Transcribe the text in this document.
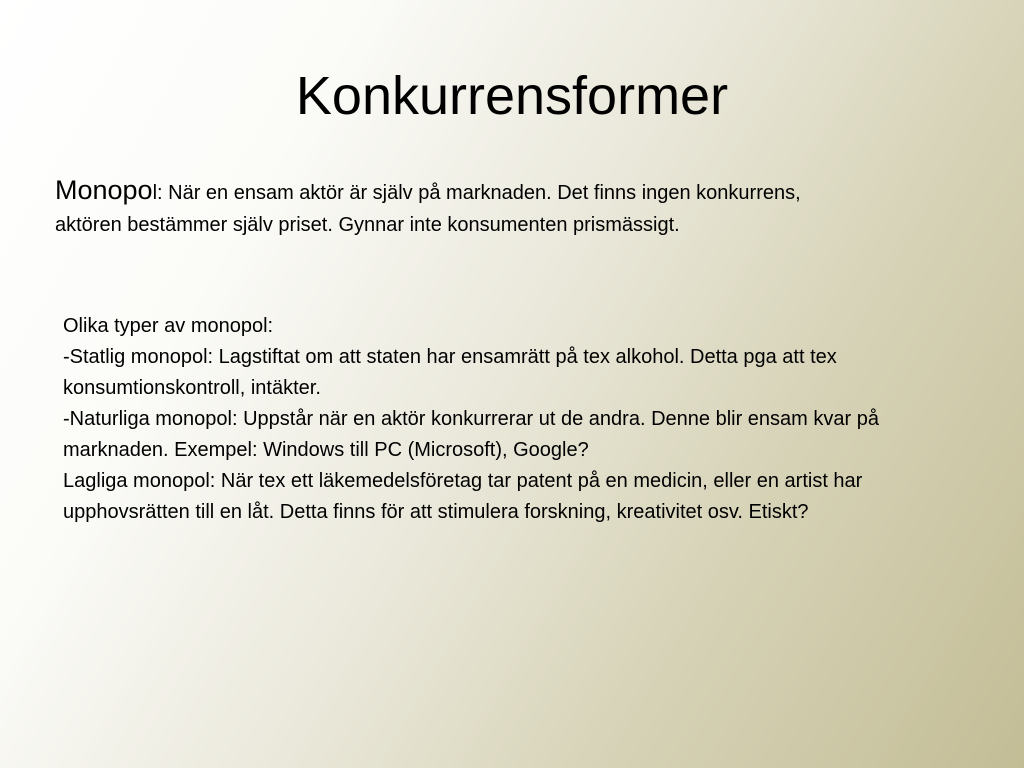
Konkurrensformer

Monopol: När en ensam aktör är själv på marknaden. Det finns ingen konkurrens, aktören bestämmer själv priset. Gynnar inte konsumenten prismässigt.

Olika typer av monopol:
-Statlig monopol: Lagstiftat om att staten har ensamrätt på tex alkohol. Detta pga att tex konsumtionskontroll, intäkter.
-Naturliga monopol: Uppstår när en aktör konkurrerar ut de andra. Denne blir ensam kvar på marknaden. Exempel: Windows till PC (Microsoft), Google?
Lagliga monopol: När tex ett läkemedelsföretag tar patent på en medicin, eller en artist har upphovsrätten till en låt. Detta finns för att stimulera forskning, kreativitet osv. Etiskt?
